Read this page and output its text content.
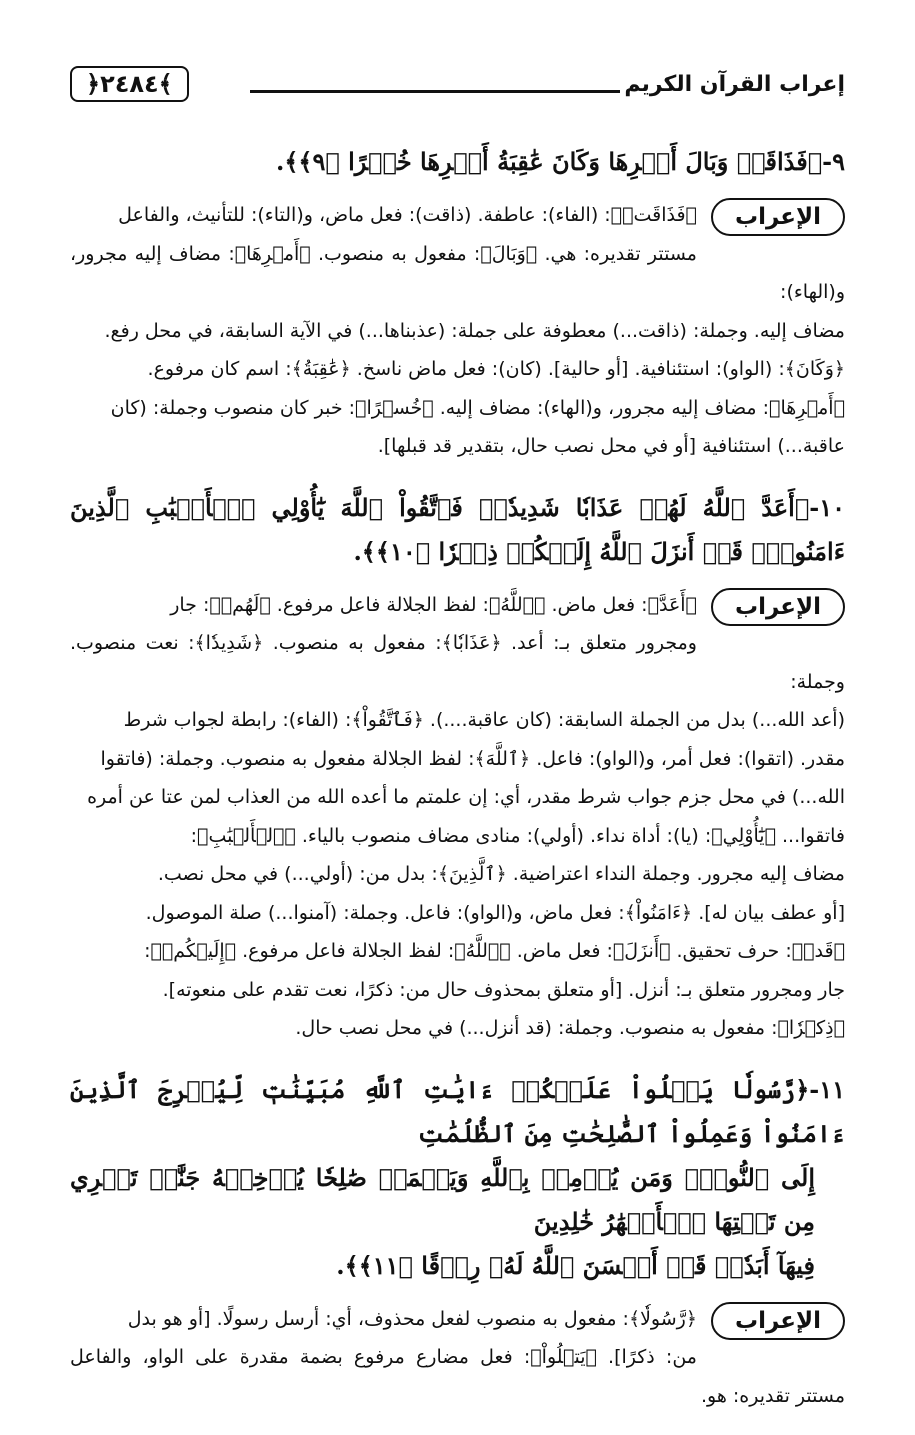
﴿٢٤٨٤﴾	إعراب القرآن الكريم

٩-﴿فَذَاقَتۡ وَبَالَ أَمۡرِهَا وَكَانَ عَٰقِبَةُ أَمۡرِهَا خُسۡرًا ﴿٩﴾﴾.

الإعراب
﴿فَذَاقَتۡ﴾: (الفاء): عاطفة. (ذاقت): فعل ماض، و(التاء): للتأنيث، والفاعل
مستتر تقديره: هي. ﴿وَبَالَ﴾: مفعول به منصوب. ﴿أَمۡرِهَا﴾: مضاف إليه مجرور، و(الهاء):
مضاف إليه. وجملة: (ذاقت...) معطوفة على جملة: (عذبناها...) في الآية السابقة، في محل رفع.
﴿وَكَانَ﴾: (الواو): استئنافية. [أو حالية]. (كان): فعل ماض ناسخ. ﴿عَٰقِبَةُ﴾: اسم كان مرفوع.
﴿أَمۡرِهَا﴾: مضاف إليه مجرور، و(الهاء): مضاف إليه. ﴿خُسۡرًا﴾: خبر كان منصوب وجملة: (كان
عاقبة...) استئنافية [أو في محل نصب حال، بتقدير قد قبلها].

١٠-﴿أَعَدَّ ٱللَّهُ لَهُمۡ عَذَابٗا شَدِيدٗاۖ فَٱتَّقُواْ ٱللَّهَ يَٰٓأُوْلِي ٱلۡأَلۡبَٰبِ ٱلَّذِينَ ءَامَنُواْۚ قَدۡ أَنزَلَ ٱللَّهُ إِلَيۡكُمۡ ذِكۡرٗا ﴿١٠﴾﴾.

الإعراب
﴿أَعَدَّ﴾: فعل ماض. ﴿ٱللَّهُ﴾: لفظ الجلالة فاعل مرفوع. ﴿لَهُمۡ﴾: جار
ومجرور متعلق بـ: أعد. ﴿عَذَابٗا﴾: مفعول به منصوب. ﴿شَدِيدٗا﴾: نعت منصوب. وجملة:
(أعد الله...) بدل من الجملة السابقة: (كان عاقبة....). ﴿فَٱتَّقُواْ﴾: (الفاء): رابطة لجواب شرط
مقدر. (اتقوا): فعل أمر، و(الواو): فاعل. ﴿ٱللَّهَ﴾: لفظ الجلالة مفعول به منصوب. وجملة: (فاتقوا
الله...) في محل جزم جواب شرط مقدر، أي: إن علمتم ما أعده الله من العذاب لمن عتا عن أمره
فاتقوا... ﴿يَٰٓأُوْلِي﴾: (يا): أداة نداء. (أولي): منادى مضاف منصوب بالياء. ﴿ٱلۡأَلۡبَٰبِ﴾:
مضاف إليه مجرور. وجملة النداء اعتراضية. ﴿ٱلَّذِينَ﴾: بدل من: (أولي...) في محل نصب.
[أو عطف بيان له]. ﴿ءَامَنُواْ﴾: فعل ماض، و(الواو): فاعل. وجملة: (آمنوا...) صلة الموصول.
﴿قَدۡ﴾: حرف تحقيق. ﴿أَنزَلَ﴾: فعل ماض. ﴿ٱللَّهُ﴾: لفظ الجلالة فاعل مرفوع. ﴿إِلَيۡكُمۡ﴾:
جار ومجرور متعلق بـ: أنزل. [أو متعلق بمحذوف حال من: ذكرًا، نعت تقدم على منعوته].
﴿ذِكۡرٗا﴾: مفعول به منصوب. وجملة: (قد أنزل...) في محل نصب حال.

١١-﴿رَّسُولٗا يَتۡلُواْ عَلَيۡكُمۡ ءَايَٰتِ ٱللَّهِ مُبَيِّنَٰتٖ لِّيُخۡرِجَ ٱلَّذِينَ ءَامَنُواْ وَعَمِلُواْ ٱلصَّٰلِحَٰتِ مِنَ ٱلظُّلُمَٰتِ
إِلَى ٱلنُّورِۚ وَمَن يُؤۡمِنۢ بِٱللَّهِ وَيَعۡمَلۡ صَٰلِحٗا يُدۡخِلۡهُ جَنَّٰتٖ تَجۡرِي مِن تَحۡتِهَا ٱلۡأَنۡهَٰرُ خَٰلِدِينَ
فِيهَآ أَبَدٗاۖ قَدۡ أَحۡسَنَ ٱللَّهُ لَهُۥ رِزۡقًا ﴿١١﴾﴾.

الإعراب
﴿رَّسُولٗا﴾: مفعول به منصوب لفعل محذوف، أي: أرسل رسولًا. [أو هو بدل
من: ذكرًا]. ﴿يَتۡلُواْ﴾: فعل مضارع مرفوع بضمة مقدرة على الواو، والفاعل مستتر تقديره: هو.
